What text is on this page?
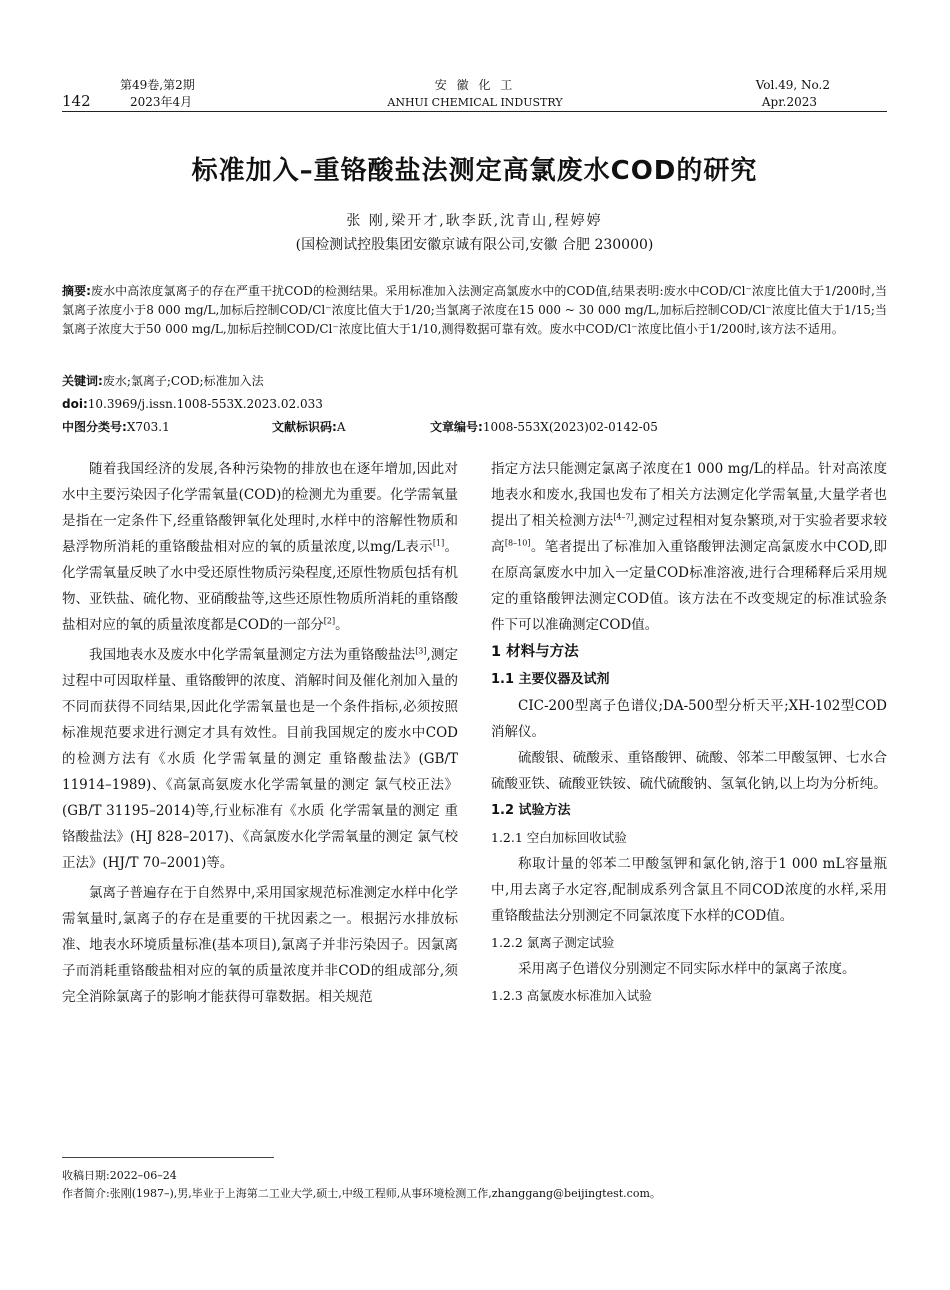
142
第49卷,第2期
2023年4月
安 徽 化 工
ANHUI CHEMICAL INDUSTRY
Vol.49, No.2
Apr.2023
标准加入–重铬酸盐法测定高氯废水COD的研究
张 刚,梁开才,耿李跃,沈青山,程婷婷
(国检测试控股集团安徽京诚有限公司,安徽 合肥 230000)
摘要:废水中高浓度氯离子的存在严重干扰COD的检测结果。采用标准加入法测定高氯废水中的COD值,结果表明:废水中COD/Cl⁻浓度比值大于1/200时,当氯离子浓度小于8 000 mg/L,加标后控制COD/Cl⁻浓度比值大于1/20;当氯离子浓度在15 000 ~ 30 000 mg/L,加标后控制COD/Cl⁻浓度比值大于1/15;当氯离子浓度大于50 000 mg/L,加标后控制COD/Cl⁻浓度比值大于1/10,测得数据可靠有效。废水中COD/Cl⁻浓度比值小于1/200时,该方法不适用。
关键词:废水;氯离子;COD;标准加入法
doi:10.3969/j.issn.1008-553X.2023.02.033
中图分类号:X703.1	文献标识码:A	文章编号:1008-553X(2023)02-0142-05

随着我国经济的发展,各种污染物的排放也在逐年增加,因此对水中主要污染因子化学需氧量(COD)的检测尤为重要。化学需氧量是指在一定条件下,经重铬酸钾氧化处理时,水样中的溶解性物质和悬浮物所消耗的重铬酸盐相对应的氧的质量浓度,以mg/L表示[1]。化学需氧量反映了水中受还原性物质污染程度,还原性物质包括有机物、亚铁盐、硫化物、亚硝酸盐等,这些还原性物质所消耗的重铬酸盐相对应的氧的质量浓度都是COD的一部分[2]。

我国地表水及废水中化学需氧量测定方法为重铬酸盐法[3],测定过程中可因取样量、重铬酸钾的浓度、消解时间及催化剂加入量的不同而获得不同结果,因此化学需氧量也是一个条件指标,必须按照标准规范要求进行测定才具有效性。目前我国规定的废水中COD的检测方法有《水质 化学需氧量的测定 重铬酸盐法》(GB/T 11914–1989)、《高氯高氨废水化学需氧量的测定 氯气校正法》(GB/T 31195–2014)等,行业标准有《水质 化学需氧量的测定 重铬酸盐法》(HJ 828–2017)、《高氯废水化学需氧量的测定 氯气校正法》(HJ/T 70–2001)等。

氯离子普遍存在于自然界中,采用国家规范标准测定水样中化学需氧量时,氯离子的存在是重要的干扰因素之一。根据污水排放标准、地表水环境质量标准(基本项目),氯离子并非污染因子。因氯离子而消耗重铬酸盐相对应的氧的质量浓度并非COD的组成部分,须完全消除氯离子的影响才能获得可靠数据。相关规范

指定方法只能测定氯离子浓度在1 000 mg/L的样品。针对高浓度地表水和废水,我国也发布了相关方法测定化学需氧量,大量学者也提出了相关检测方法[4–7],测定过程相对复杂繁琐,对于实验者要求较高[8–10]。笔者提出了标准加入重铬酸钾法测定高氯废水中COD,即在原高氯废水中加入一定量COD标准溶液,进行合理稀释后采用规定的重铬酸钾法测定COD值。该方法在不改变规定的标准试验条件下可以准确测定COD值。

1 材料与方法
1.1 主要仪器及试剂

CIC-200型离子色谱仪;DA-500型分析天平;XH-102型COD消解仪。

硫酸银、硫酸汞、重铬酸钾、硫酸、邻苯二甲酸氢钾、七水合硫酸亚铁、硫酸亚铁铵、硫代硫酸钠、氢氧化钠,以上均为分析纯。

1.2 试验方法
1.2.1 空白加标回收试验

称取计量的邻苯二甲酸氢钾和氯化钠,溶于1 000 mL容量瓶中,用去离子水定容,配制成系列含氯且不同COD浓度的水样,采用重铬酸盐法分别测定不同氯浓度下水样的COD值。

1.2.2 氯离子测定试验

采用离子色谱仪分别测定不同实际水样中的氯离子浓度。

1.2.3 高氯废水标准加入试验
收稿日期:2022–06–24
作者简介:张刚(1987–),男,毕业于上海第二工业大学,硕士,中级工程师,从事环境检测工作,zhanggang@beijingtest.com。
